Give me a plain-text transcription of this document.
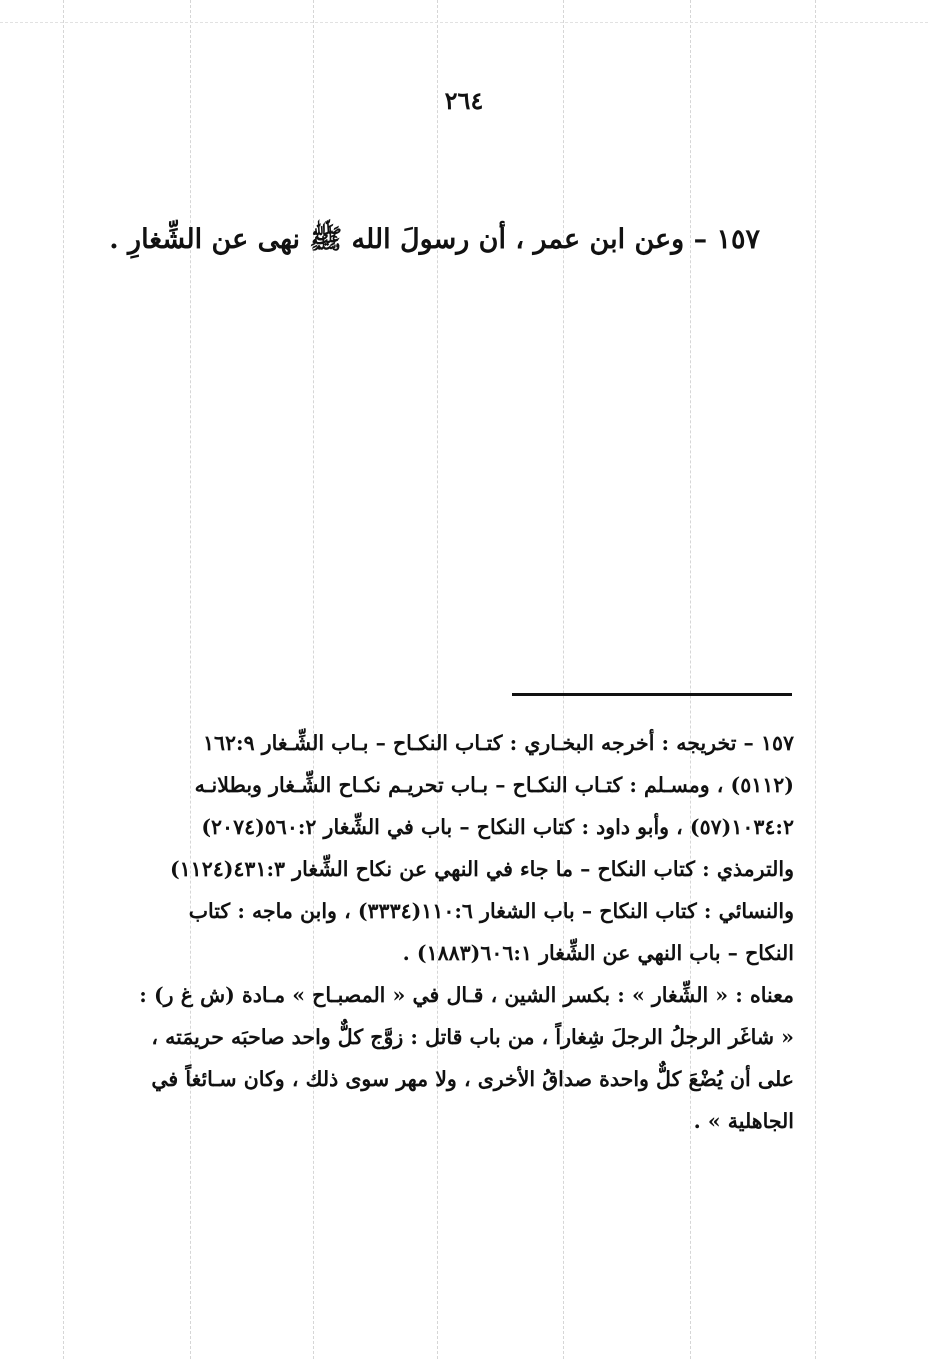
٢٦٤
١٥٧ – وعن ابن عمر ، أن رسولَ الله ﷺ نهى عن الشِّغارِ .
١٥٧ – تخريجه : أخرجه البخـاري : كتـاب النكـاح – بـاب الشِّـغار ١٦٢:٩
(٥١١٢) ، ومسـلم : كتـاب النكـاح – بـاب تحريـم نكـاح الشِّـغار وبطلانـه
١٠٣٤:٢(٥٧) ، وأبو داود : كتاب النكاح – باب في الشِّغار ٥٦٠:٢(٢٠٧٤)
والترمذي : كتاب النكاح – ما جاء في النهي عن نكاح الشِّغار ٤٣١:٣(١١٢٤)
والنسائي : كتاب النكاح – باب الشغار ١١٠:٦(٣٣٣٤) ، وابن ماجه : كتاب
النكاح – باب النهي عن الشِّغار ٦٠٦:١(١٨٨٣) .
معناه : « الشِّغار » : بكسر الشين ، قـال في « المصبـاح » مـادة (ش غ ر) :
« شاغَر الرجلُ الرجلَ شِغاراً ، من باب قاتل : زوَّج كلٌّ واحد صاحبَه حريمَته ،
على أن يُضْعَ كلٌّ واحدة صداقُ الأخرى ، ولا مهر سوى ذلك ، وكان سـائغاً في
الجاهلية » .
